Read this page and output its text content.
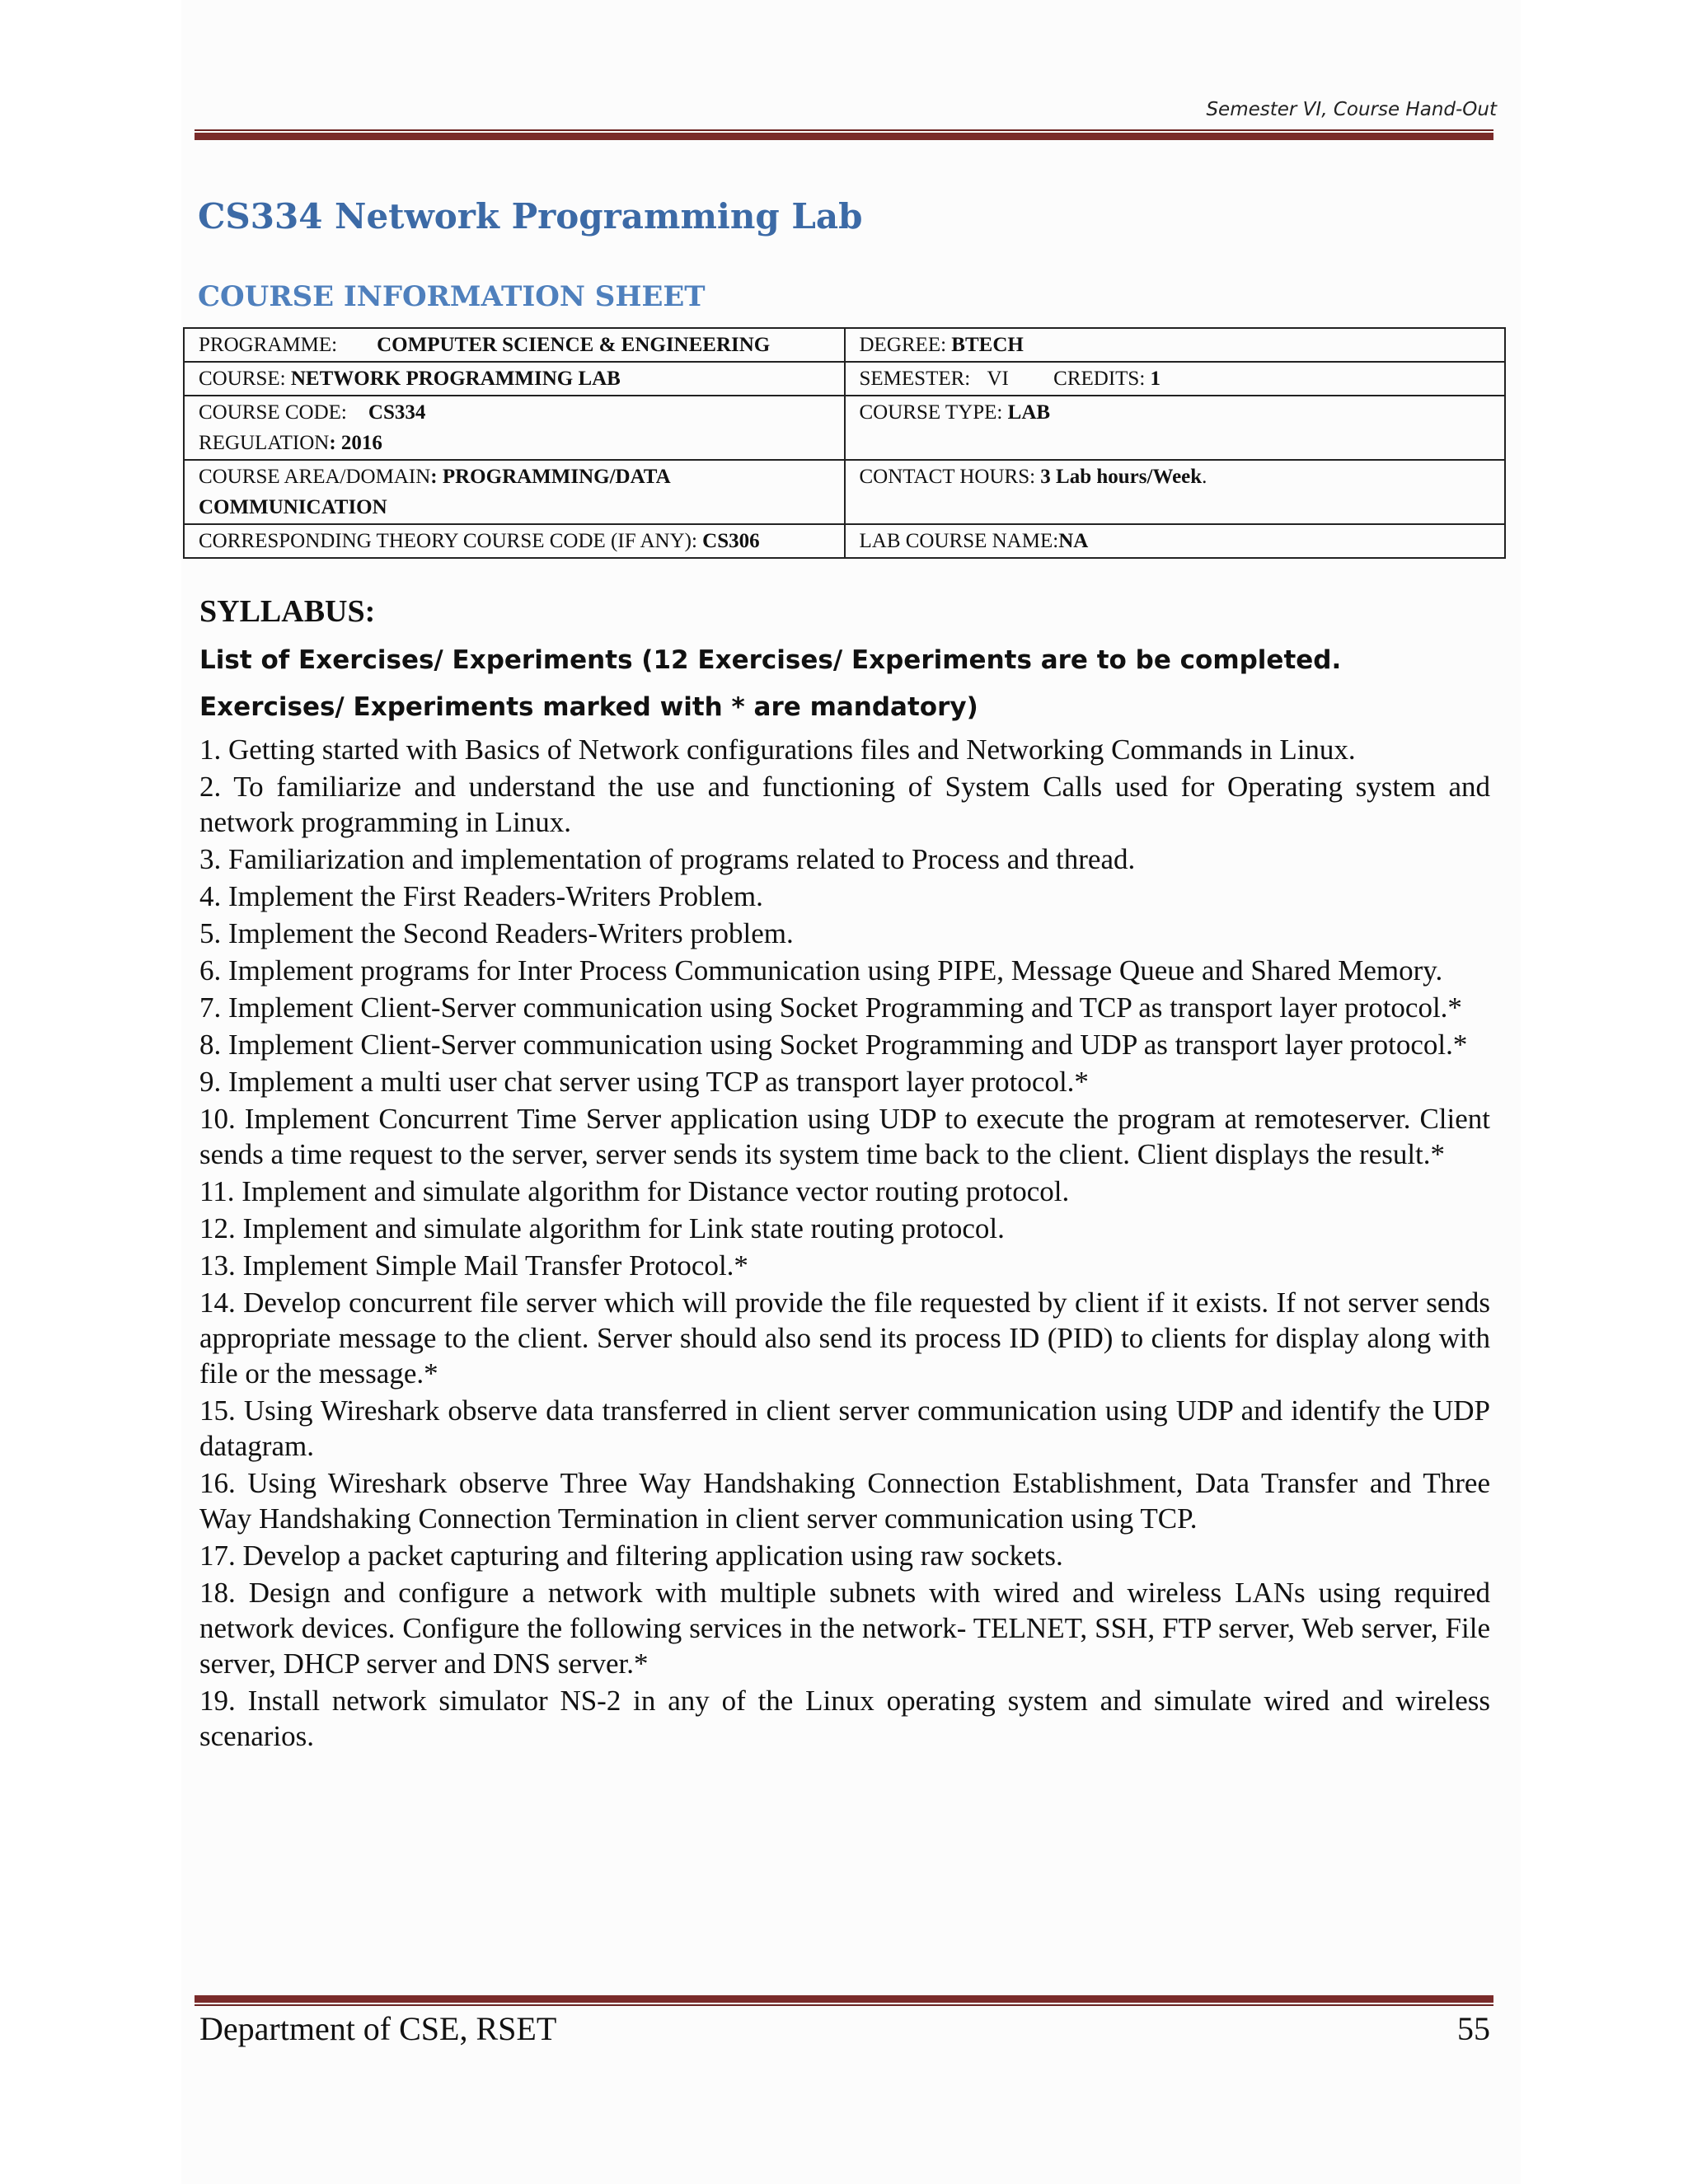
Semester VI, Course Hand-Out
CS334 Network Programming Lab
COURSE INFORMATION SHEET
PROGRAMME: COMPUTER SCIENCE & ENGINEERING	DEGREE: BTECH
COURSE: NETWORK PROGRAMMING LAB	SEMESTER: VI CREDITS: 1
COURSE CODE: CS334
REGULATION: 2016	COURSE TYPE: LAB
COURSE AREA/DOMAIN: PROGRAMMING/DATA COMMUNICATION	CONTACT HOURS: 3 Lab hours/Week.
CORRESPONDING THEORY COURSE CODE (IF ANY): CS306	LAB COURSE NAME:NA
SYLLABUS:

List of Exercises/ Experiments (12 Exercises/ Experiments are to be completed. Exercises/ Experiments marked with * are mandatory)

1. Getting started with Basics of Network configurations files and Networking Commands in Linux.
2. To familiarize and understand the use and functioning of System Calls used for Operating system and network programming in Linux.
3. Familiarization and implementation of programs related to Process and thread.
4. Implement the First Readers-Writers Problem.
5. Implement the Second Readers-Writers problem.
6. Implement programs for Inter Process Communication using PIPE, Message Queue and Shared Memory.
7. Implement Client-Server communication using Socket Programming and TCP as transport layer protocol.*
8. Implement Client-Server communication using Socket Programming and UDP as transport layer protocol.*
9. Implement a multi user chat server using TCP as transport layer protocol.*
10. Implement Concurrent Time Server application using UDP to execute the program at remoteserver. Client sends a time request to the server, server sends its system time back to the client. Client displays the result.*
11. Implement and simulate algorithm for Distance vector routing protocol.
12. Implement and simulate algorithm for Link state routing protocol.
13. Implement Simple Mail Transfer Protocol.*
14. Develop concurrent file server which will provide the file requested by client if it exists. If not server sends appropriate message to the client. Server should also send its process ID (PID) to clients for display along with file or the message.*
15. Using Wireshark observe data transferred in client server communication using UDP and identify the UDP datagram.
16. Using Wireshark observe Three Way Handshaking Connection Establishment, Data Transfer and Three Way Handshaking Connection Termination in client server communication using TCP.
17. Develop a packet capturing and filtering application using raw sockets.
18. Design and configure a network with multiple subnets with wired and wireless LANs using required network devices. Configure the following services in the network- TELNET, SSH, FTP server, Web server, File server, DHCP server and DNS server.*
19. Install network simulator NS-2 in any of the Linux operating system and simulate wired and wireless scenarios.
Department of CSE, RSET	55
